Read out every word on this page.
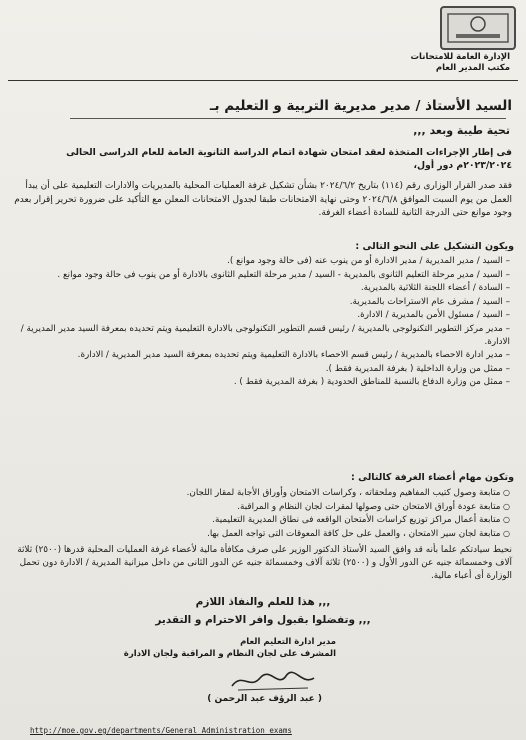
الإدارة العامة للامتحانات
مكتب المدير العام
السيد الأستاذ / مدير مديرية التربية و التعليم بـ
تحية طيبة وبعد ,,,

فى إطار الإجراءات المتخذة لعقد امتحان شهادة اتمام الدراسة الثانوية العامة للعام الدراسى الحالى ٢٠٢٣/٢٠٢٤م دور أول،

فقد صدر القرار الوزارى رقم (١١٤) بتاريخ ٢٠٢٤/٦/٢ بشأن تشكيل غرفة العمليات المحلية بالمديريات والادارات التعليمية على أن يبدأ العمل من يوم السبت الموافق ٢٠٢٤/٦/٨ وحتى نهاية الامتحانات طبقا لجدول الامتحانات المعلن مع التأكيد على ضرورة تحرير إقرار بعدم وجود موانع حتى الدرجة الثانية للسادة أعضاء الغرفة.

ويكون التشكيل على النحو التالى :
– السيد / مدير المديرية / مدير الادارة أو من ينوب عنه (فى حالة وجود موانع ).
– السيد / مدير مرحلة التعليم الثانوى بالمديرية - السيد / مدير مرحلة التعليم الثانوى بالادارة أو من ينوب فى حالة وجود موانع .
– السادة / أعضاء اللجنة الثلاثية بالمديرية.
– السيد / مشرف عام الاستراحات بالمديرية.
– السيد / مسئول الأمن بالمديرية / الادارة.
– مدير مركز التطوير التكنولوجى بالمديرية / رئيس قسم التطوير التكنولوجى بالادارة التعليمية ويتم تحديده بمعرفة السيد مدير المديرية / الادارة.
– مدير ادارة الاحصاء بالمديرية / رئيس قسم الاحصاء بالادارة التعليمية ويتم تحديده بمعرفة السيد مدير المديرية / الادارة.
– ممثل من وزارة الداخلية ( بغرفة المديرية فقط ).
– ممثل من وزارة الدفاع بالنسبة للمناطق الحدودية ( بغرفة المديرية فقط ) .
وتكون مهام أعضاء الغرفة كالتالى :
○ متابعة وصول كتيب المفاهيم وملحقاته ، وكراسات الامتحان وأوراق الأجابة لمقار اللجان.
○ متابعة عودة أوراق الامتحان حتى وصولها لمقرات لجان النظام و المراقبة.
○ متابعة أعمال مراكز توزيع كراسات الأمتحان الواقعه فى نطاق المديرية التعليمية.
○ متابعة لجان سير الامتحان ، والعمل على حل كافة المعوقات التى تواجه العمل بها.

نحيط سيادتكم علما بأنه قد وافق السيد الأستاذ الدكتور الوزير على صرف مكافأة مالية لأعضاء غرفة العمليات المحلية قدرها (٢٥٠٠) ثلاثة آلاف وخمسمائة جنيه عن الدور الأول و (٢٥٠٠) ثلاثة آلاف وخمسمائة جنيه عن الدور الثانى من داخل ميزانية المديرية / الادارة دون تحمل الوزارة أى أعباء مالية.

هذا للعلم والنفاذ اللازم ,,,
وتفضلوا بقبول وافر الاحترام و التقدير ,,,
مدير ادارة التعليم العام
المشرف على لجان النظام و المراقبة ولجان الادارة
( عبد الرؤف عبد الرحمن )
http://moe.gov.eg/departments/General_Administration_exams
